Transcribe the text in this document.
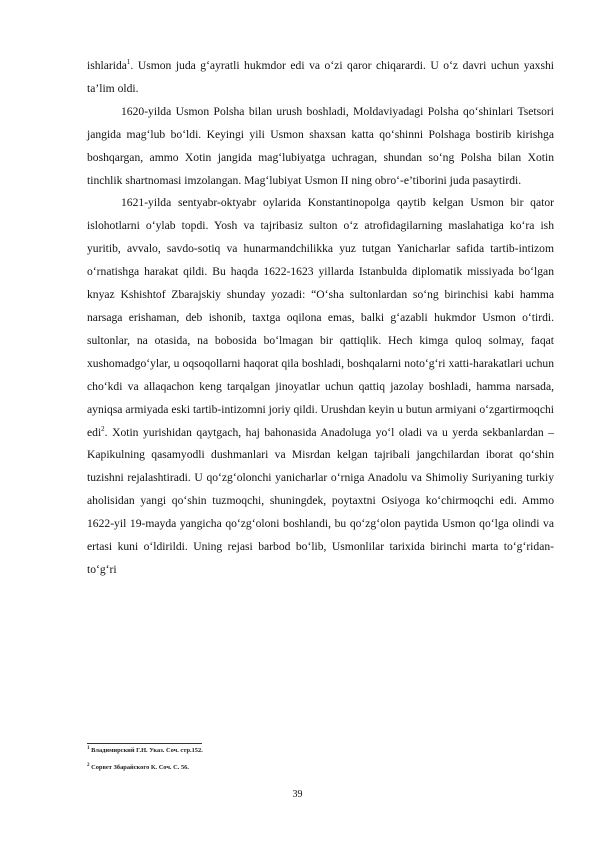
ishlarida$^1$. Usmon juda g‘ayratli hukmdor edi va o‘zi qaror chiqarardi. U o‘z davri uchun yaxshi ta’lim oldi.

1620-yilda Usmon Polsha bilan urush boshladi, Moldaviyadagi Polsha qo‘shinlari Tsetsori jangida mag‘lub bo‘ldi. Keyingi yili Usmon shaxsan katta qo‘shinni Polshaga bostirib kirishga boshqargan, ammo Xotin jangida mag‘lubiyatga uchragan, shundan so‘ng Polsha bilan Xotin tinchlik shartnomasi imzolangan. Mag‘lubiyat Usmon II ning obro‘-e’tiborini juda pasaytirdi.

1621-yilda sentyabr-oktyabr oylarida Konstantinopolga qaytib kelgan Usmon bir qator islohotlarni o‘ylab topdi. Yosh va tajribasiz sulton o‘z atrofidagilarning maslahatiga ko‘ra ish yuritib, avvalo, savdo-sotiq va hunarmandchilikka yuz tutgan Yanicharlar safida tartib-intizom o‘rnatishga harakat qildi. Bu haqda 1622-1623 yillarda Istanbulda diplomatik missiyada bo‘lgan knyaz Kshishtof Zbarajskiy shunday yozadi: “O‘sha sultonlardan so‘ng birinchisi kabi hamma narsaga erishaman, deb ishonib, taxtga oqilona emas, balki g‘azabli hukmdor Usmon o‘tirdi. sultonlar, na otasida, na bobosida bo‘lmagan bir qattiqlik. Hech kimga quloq solmay, faqat xushomadgo‘ylar, u oqsoqollarni haqorat qila boshladi, boshqalarni noto‘g‘ri xatti-harakatlari uchun cho‘kdi va allaqachon keng tarqalgan jinoyatlar uchun qattiq jazolay boshladi, hamma narsada, ayniqsa armiyada eski tartib-intizomni joriy qildi. Urushdan keyin u butun armiyani o‘zgartirmoqchi edi$^2$. Xotin yurishidan qaytgach, haj bahonasida Anadoluga yo‘l oladi va u yerda sekbanlardan – Kapikulning qasamyodli dushmanlari va Misrdan kelgan tajribali jangchilardan iborat qo‘shin tuzishni rejalashtiradi. U qo‘zg‘olonchi yanicharlar o‘rniga Anadolu va Shimoliy Suriyaning turkiy aholisidan yangi qo‘shin tuzmoqchi, shuningdek, poytaxtni Osiyoga ko‘chirmoqchi edi. Ammo 1622-yil 19-mayda yangicha qo‘zg‘oloni boshlandi, bu qo‘zg‘olon paytida Usmon qo‘lga olindi va ertasi kuni o‘ldirildi. Uning rejasi barbod bo‘lib, Usmonlilar tarixida birinchi marta to‘g‘ridan-to‘g‘ri

$^1$ Владимирский Г.Н. Указ. Соч. стр.152.
$^2$ Сорвет Збарайского К. Соч. С. 56.
39
